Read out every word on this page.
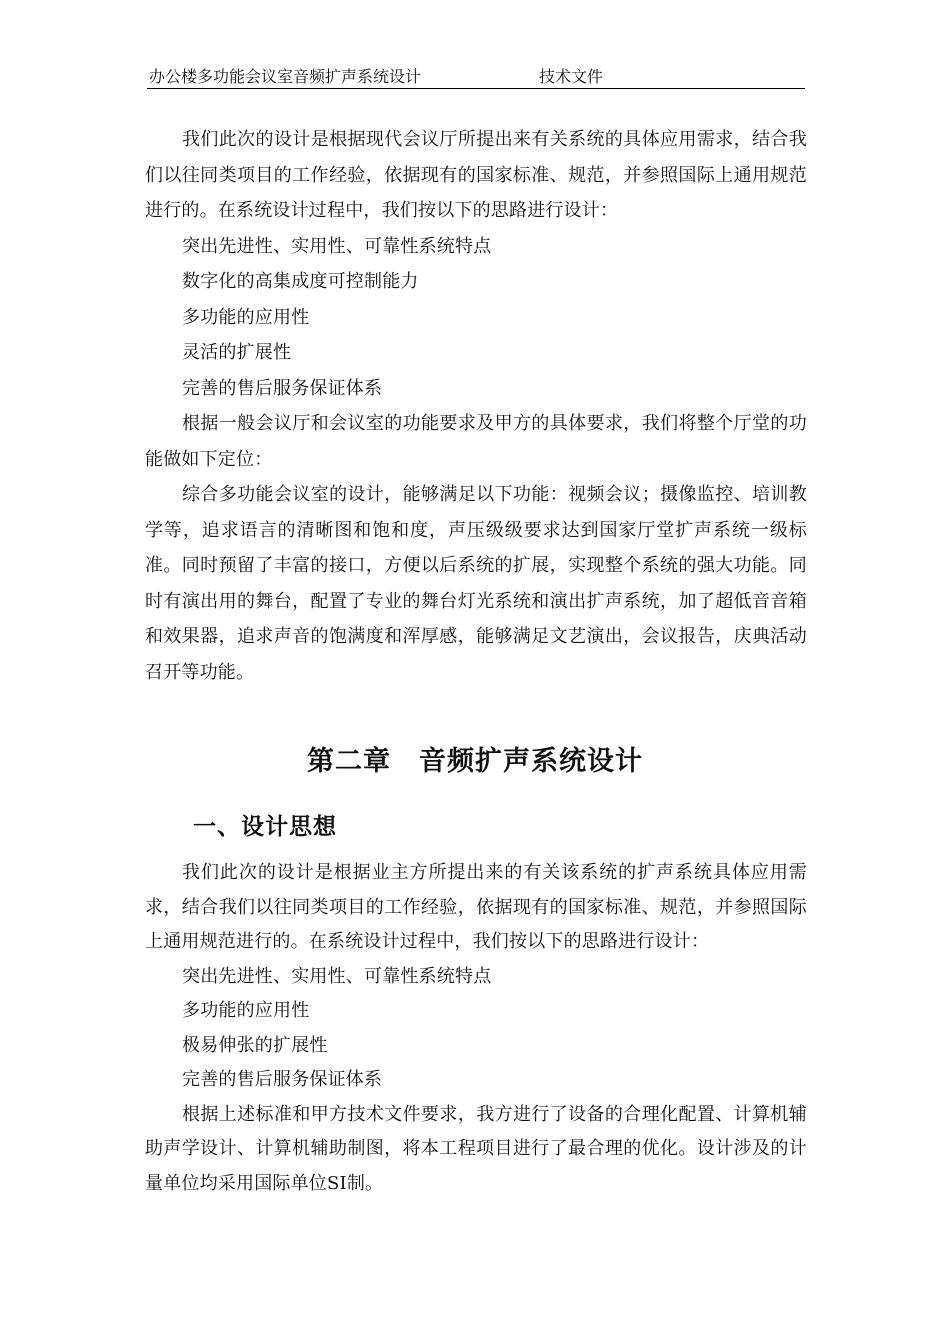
办公楼多功能会议室音频扩声系统设计	技术文件

我们此次的设计是根据现代会议厅所提出来有关系统的具体应用需求，结合我们以往同类项目的工作经验，依据现有的国家标准、规范，并参照国际上通用规范进行的。在系统设计过程中，我们按以下的思路进行设计：

突出先进性、实用性、可靠性系统特点

数字化的高集成度可控制能力

多功能的应用性

灵活的扩展性

完善的售后服务保证体系

根据一般会议厅和会议室的功能要求及甲方的具体要求，我们将整个厅堂的功能做如下定位：

综合多功能会议室的设计，能够满足以下功能：视频会议；摄像监控、培训教学等，追求语言的清晰图和饱和度，声压级级要求达到国家厅堂扩声系统一级标准。同时预留了丰富的接口，方便以后系统的扩展，实现整个系统的强大功能。同时有演出用的舞台，配置了专业的舞台灯光系统和演出扩声系统，加了超低音音箱和效果器，追求声音的饱满度和浑厚感，能够满足文艺演出，会议报告，庆典活动召开等功能。

第二章　音频扩声系统设计
一、设计思想

我们此次的设计是根据业主方所提出来的有关该系统的扩声系统具体应用需求，结合我们以往同类项目的工作经验，依据现有的国家标准、规范，并参照国际上通用规范进行的。在系统设计过程中，我们按以下的思路进行设计：

突出先进性、实用性、可靠性系统特点

多功能的应用性

极易伸张的扩展性

完善的售后服务保证体系

根据上述标准和甲方技术文件要求，我方进行了设备的合理化配置、计算机辅助声学设计、计算机辅助制图，将本工程项目进行了最合理的优化。设计涉及的计量单位均采用国际单位SI制。
